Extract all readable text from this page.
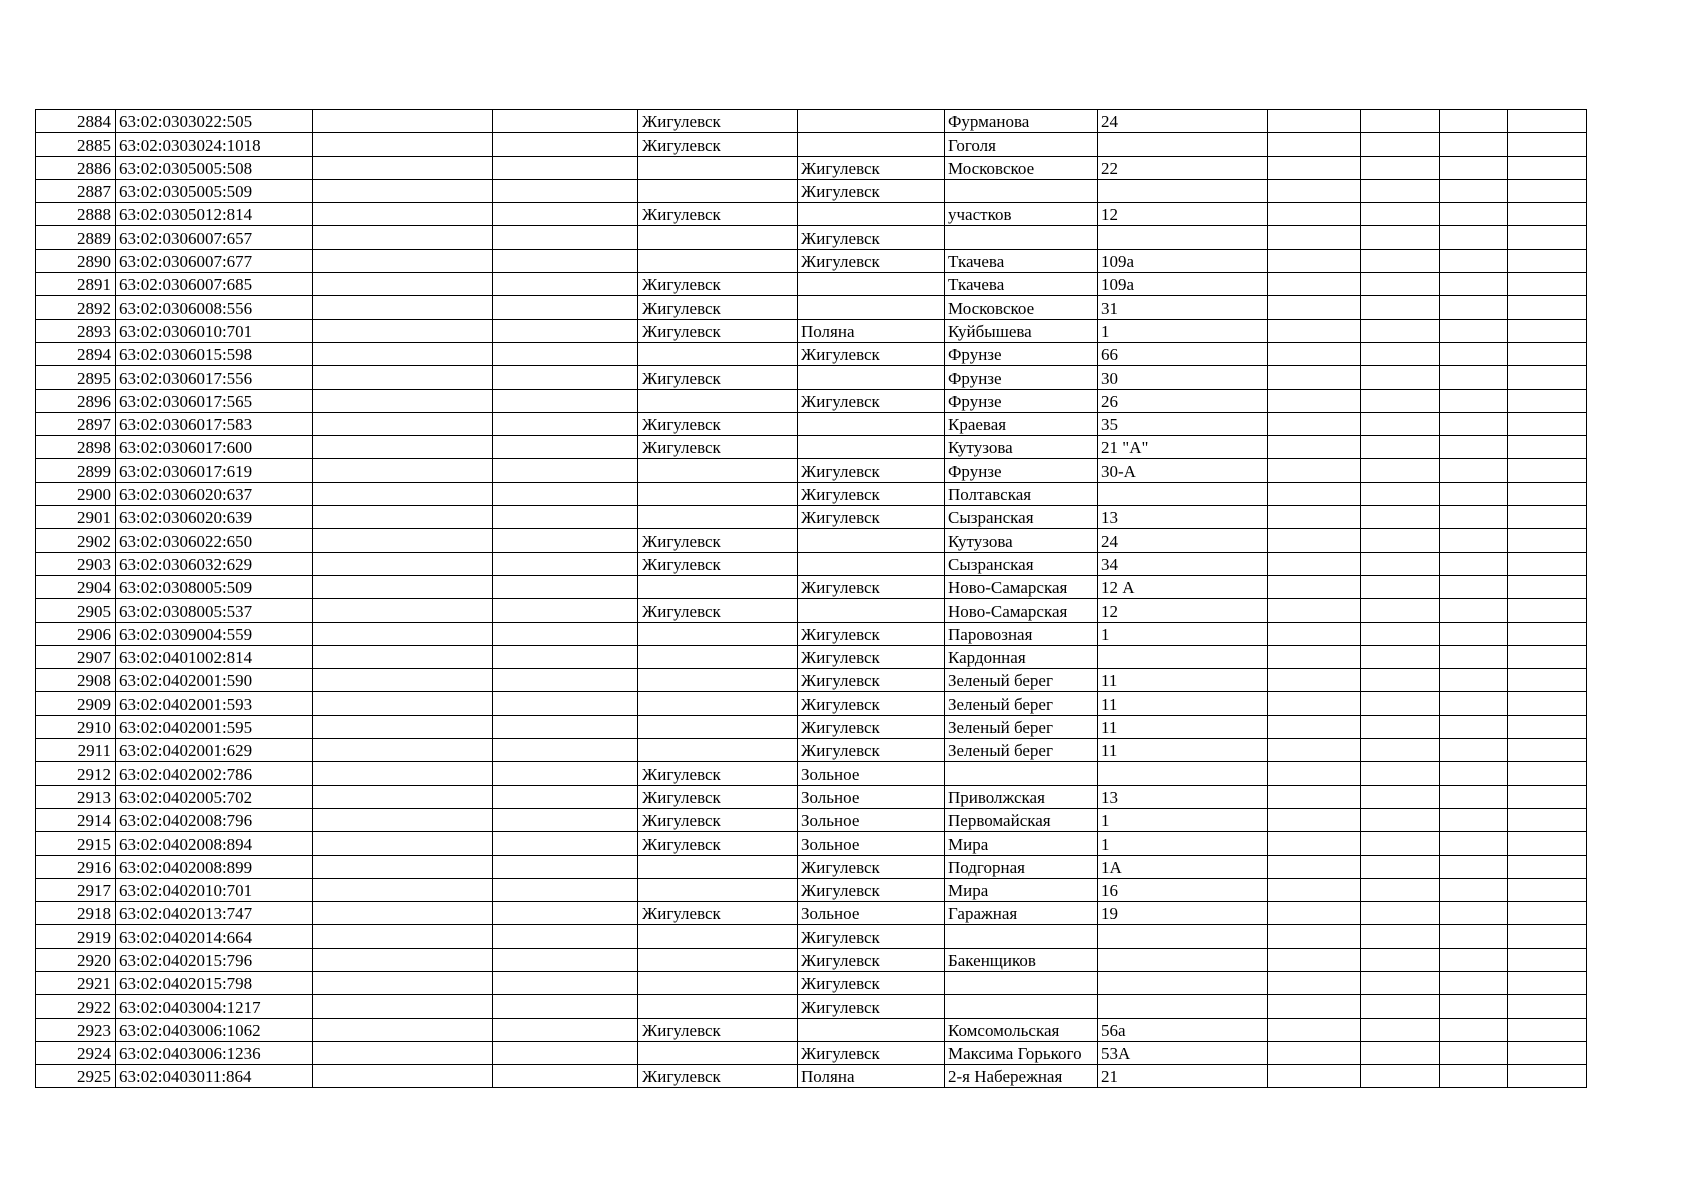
2884	63:02:0303022:505			Жигулевск		Фурманова	24				
2885	63:02:0303024:1018			Жигулевск		Гоголя					
2886	63:02:0305005:508				Жигулевск	Московское	22				
2887	63:02:0305005:509				Жигулевск						
2888	63:02:0305012:814			Жигулевск		участков	12				
2889	63:02:0306007:657				Жигулевск						
2890	63:02:0306007:677				Жигулевск	Ткачева	109а				
2891	63:02:0306007:685			Жигулевск		Ткачева	109а				
2892	63:02:0306008:556			Жигулевск		Московское	31				
2893	63:02:0306010:701			Жигулевск	Поляна	Куйбышева	1				
2894	63:02:0306015:598				Жигулевск	Фрунзе	66				
2895	63:02:0306017:556			Жигулевск		Фрунзе	30				
2896	63:02:0306017:565				Жигулевск	Фрунзе	26				
2897	63:02:0306017:583			Жигулевск		Краевая	35				
2898	63:02:0306017:600			Жигулевск		Кутузова	21 "А"				
2899	63:02:0306017:619				Жигулевск	Фрунзе	30-А				
2900	63:02:0306020:637				Жигулевск	Полтавская					
2901	63:02:0306020:639				Жигулевск	Сызранская	13				
2902	63:02:0306022:650			Жигулевск		Кутузова	24				
2903	63:02:0306032:629			Жигулевск		Сызранская	34				
2904	63:02:0308005:509				Жигулевск	Ново-Самарская	12 А				
2905	63:02:0308005:537			Жигулевск		Ново-Самарская	12				
2906	63:02:0309004:559				Жигулевск	Паровозная	1				
2907	63:02:0401002:814				Жигулевск	Кардонная					
2908	63:02:0402001:590				Жигулевск	Зеленый берег	11				
2909	63:02:0402001:593				Жигулевск	Зеленый берег	11				
2910	63:02:0402001:595				Жигулевск	Зеленый берег	11				
2911	63:02:0402001:629				Жигулевск	Зеленый берег	11				
2912	63:02:0402002:786			Жигулевск	Зольное						
2913	63:02:0402005:702			Жигулевск	Зольное	Приволжская	13				
2914	63:02:0402008:796			Жигулевск	Зольное	Первомайская	1				
2915	63:02:0402008:894			Жигулевск	Зольное	Мира	1				
2916	63:02:0402008:899				Жигулевск	Подгорная	1А				
2917	63:02:0402010:701				Жигулевск	Мира	16				
2918	63:02:0402013:747			Жигулевск	Зольное	Гаражная	19				
2919	63:02:0402014:664				Жигулевск						
2920	63:02:0402015:796				Жигулевск	Бакенщиков					
2921	63:02:0402015:798				Жигулевск						
2922	63:02:0403004:1217				Жигулевск						
2923	63:02:0403006:1062			Жигулевск		Комсомольская	56а				
2924	63:02:0403006:1236				Жигулевск	Максима Горького	53А				
2925	63:02:0403011:864			Жигулевск	Поляна	2-я Набережная	21				
